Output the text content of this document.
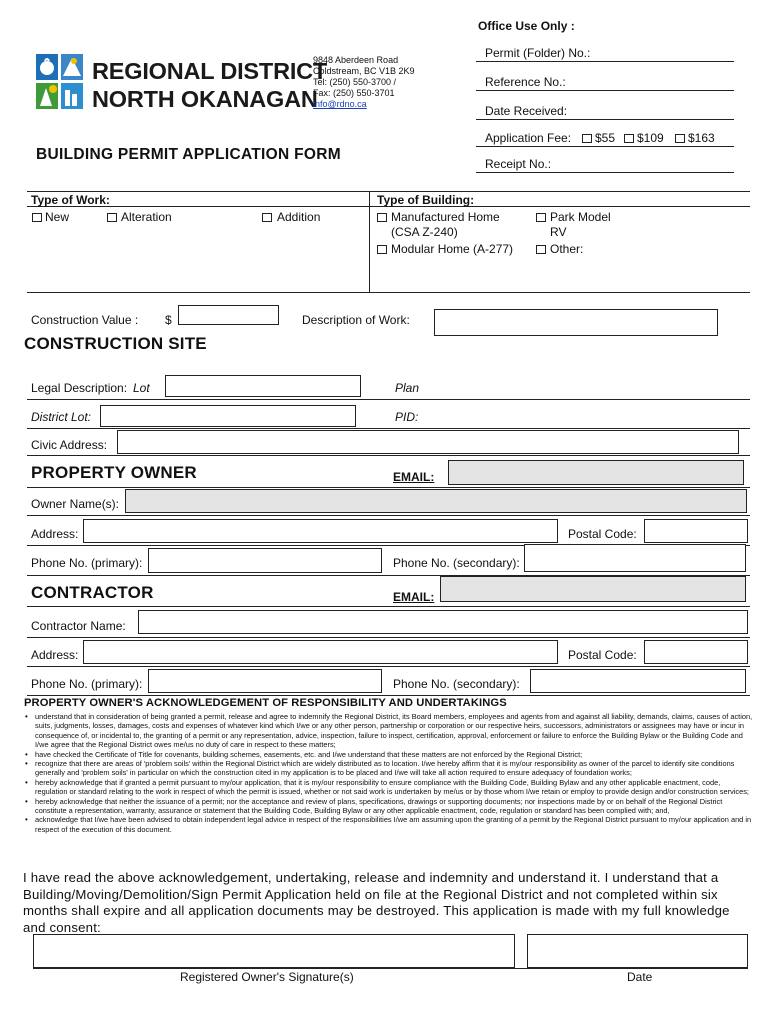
Office Use Only :
Permit (Folder) No.:
Reference No.:
Date Received:
Application Fee: $55 $109 $163
Receipt No.:
REGIONAL DISTRICT
NORTH OKANAGAN
9848 Aberdeen Road
Coldstream, BC V1B 2K9
Tel: (250) 550-3700 /
Fax: (250) 550-3701
info@rdno.ca
BUILDING PERMIT APPLICATION FORM
Type of Work:	Type of Building:
New	Alteration	Addition	Manufactured Home
(CSA Z-240)
Modular Home (A-277)
Park Model
RV
Other:
Construction Value : $	Description of Work:
CONSTRUCTION SITE
Legal Description: Lot	Plan
District Lot:	PID:
Civic Address:
PROPERTY OWNER	EMAIL:
Owner Name(s):
Address:	Postal Code:
Phone No. (primary):	Phone No. (secondary):
CONTRACTOR	EMAIL:
Contractor Name:
Address:	Postal Code:
Phone No. (primary):	Phone No. (secondary):
PROPERTY OWNER'S ACKNOWLEDGEMENT OF RESPONSIBILITY AND UNDERTAKINGS
• understand that in consideration of being granted a permit, release and agree to indemnify the Regional District, its Board members, employees and agents from and against all liability, demands, claims, causes of action, suits, judgments, losses, damages, costs and expenses of whatever kind which I/we or any other person, partnership or corporation or our respective heirs, successors, administrators or assignees may have or incur in consequence of, or incidental to, the granting of a permit or any representation, advice, inspection, failure to inspect, certification, approval, enforcement or failure to enforce the Building Bylaw or the Building Code and I/we agree that the Regional District owes me/us no duty of care in respect to these matters;
• have checked the Certificate of Title for covenants, building schemes, easements, etc. and I/we understand that these matters are not enforced by the Regional District;
• recognize that there are areas of 'problem soils' within the Regional District which are widely distributed as to location. I/we hereby affirm that it is my/our responsibility as owner of the parcel to identify site conditions generally and 'problem soils' in particular on which the construction cited in my application is to be placed and I/we will take all action required to ensure adequacy of foundation works;
• hereby acknowledge that if granted a permit pursuant to my/our application, that it is my/our responsibility to ensure compliance with the Building Code, Building Bylaw and any other applicable enactment, code, regulation or standard relating to the work in respect of which the permit is issued, whether or not said work is undertaken by me/us or by those whom I/we retain or employ to provide design and/or construction services;
• hereby acknowledge that neither the issuance of a permit; nor the acceptance and review of plans, specifications, drawings or supporting documents; nor inspections made by or on behalf of the Regional District constitute a representation, warranty, assurance or statement that the Building Code, Building Bylaw or any other applicable enactment, code, regulation or standard has been complied with; and,
• acknowledge that I/we have been advised to obtain independent legal advice in respect of the responsibilities I/we am assuming upon the granting of a permit by the Regional District pursuant to my/our application and in respect of the execution of this document.
I have read the above acknowledgement, undertaking, release and indemnity and understand it. I understand that a Building/Moving/Demolition/Sign Permit Application held on file at the Regional District and not completed within six months shall expire and all application documents may be destroyed. This application is made with my full knowledge and consent:
Registered Owner's Signature(s)	Date
